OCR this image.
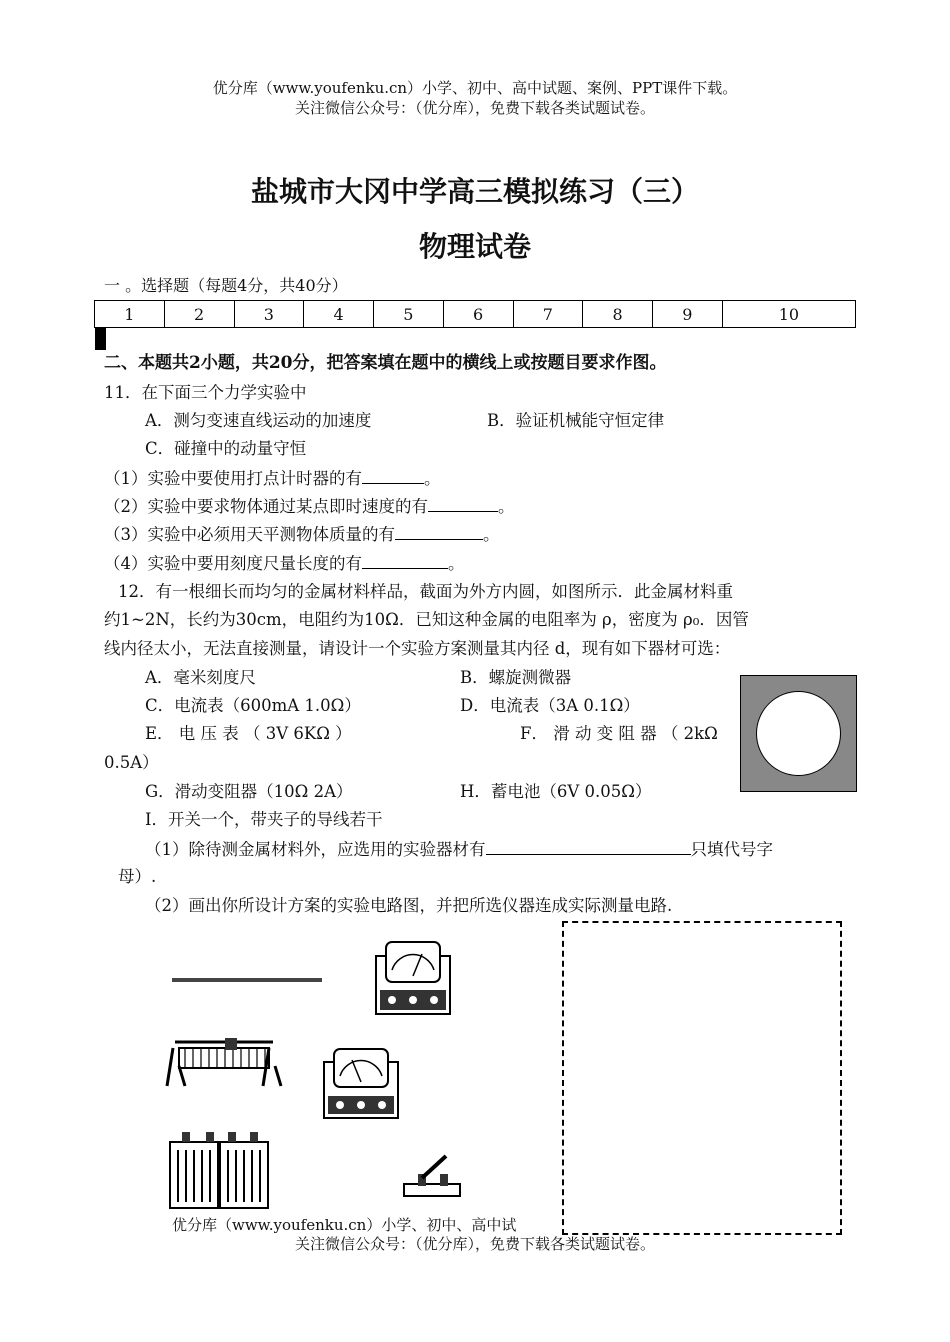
优分库（www.youfenku.cn）小学、初中、高中试题、案例、PPT课件下载。
关注微信公众号：（优分库），免费下载各类试题试卷。
盐城市大冈中学高三模拟练习（三）
物理试卷
一 。选择题（每题4分，共40分）
1	2	3	4	5	6	7	8	9	10

二、本题共2小题，共20分，把答案填在题中的横线上或按题目要求作图。
11．在下面三个力学实验中
A．测匀变速直线运动的加速度	B．验证机械能守恒定律
C．碰撞中的动量守恒
（1）实验中要使用打点计时器的有	。
（2）实验中要求物体通过某点即时速度的有	。
（3）实验中必须用天平测物体质量的有	。
（4）实验中要用刻度尺量长度的有	。
12．有一根细长而均匀的金属材料样品，截面为外方内圆，如图所示．此金属材料重
约1~2N，长约为30cm，电阻约为10Ω．已知这种金属的电阻率为 ρ，密度为 ρ₀．因管
线内径太小，无法直接测量，请设计一个实验方案测量其内径 d，现有如下器材可选：
A．毫米刻度尺	B．螺旋测微器
C．电流表（600mA 1.0Ω）	D．电流表（3A 0.1Ω）
E． 电 压 表 （ 3V 6KΩ ）	F． 滑 动 变 阻 器 （ 2kΩ
0.5A）
G．滑动变阻器（10Ω 2A）	H．蓄电池（6V 0.05Ω）
I．开关一个，带夹子的导线若干
（1）除待测金属材料外，应选用的实验器材有	只填代号字
母）.
（2）画出你所设计方案的实验电路图，并把所选仪器连成实际测量电路.
优分库（www.youfenku.cn）小学、初中、高中试
关注微信公众号：（优分库），免费下载各类试题试卷。
